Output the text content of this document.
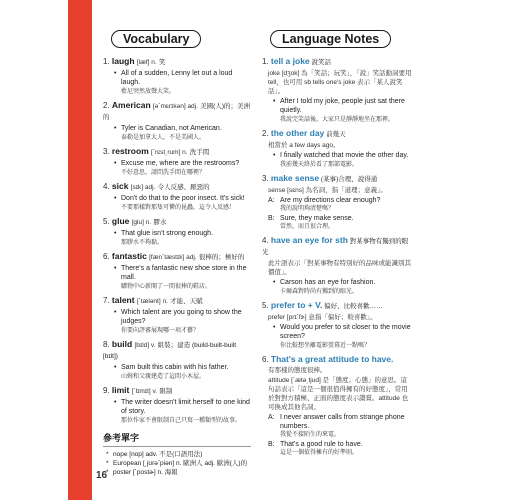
Vocabulary
1. laugh [læf] n. 笑
• All of a sudden, Lenny let out a loud laugh.
藍尼突然放聲大笑。
2. American [əˋmɛrɪkən] adj. 美國(人)的；美洲的
• Tyler is Canadian, not American.
泰勒是加拿大人，不是美國人。
3. restroom [ˋrɛst͵rum] n. 洗手間
• Excuse me, where are the restrooms?
不好意思，請問洗手間在哪裡？
4. sick [sɪk] adj. 令人反感、厭惡的
• Don't do that to the poor insect. It's sick!
不要那樣對那隻可憐的昆蟲，這令人反感！
5. glue [glu] n. 膠水
• That glue isn't strong enough.
那膠水不夠黏。
6. fantastic [fænˋtæstɪk] adj. 很棒的；極好的
• There's a fantastic new shoe store in the mall.
購物中心新開了一間很棒的鞋店。
7. talent [ˋtælənt] n. 才能、天賦
• Which talent are you going to show the judges?
你要向評審展現哪一項才藝？
8. build [bɪld] v. 組裝；建造 (build-built-built [bɪlt])
• Sam built this cabin with his father.
山姆和父親建造了這間小木屋。
9. limit [ˋlɪmɪt] v. 限制
• The writer doesn't limit herself to one kind of story.
那位作家不會限制自己只寫一種類型的故事。
參考單字
* nope [nop] adv. 不是(口語用法)
* European [͵jʊrəˋpiən] n. 歐洲人 adj. 歐洲(人)的
* poster [ˋpostɚ] n. 海報
Language Notes
1. tell a joke 說笑話
joke [dʒok] 為「笑話；玩笑」，「說」笑話動詞要用 tell，也可用 sb tells one's joke 表示「某人說笑話」。
• After I told my joke, people just sat there quietly.
我說完笑話後，大家只是靜靜地坐在那裡。
2. the other day 前幾天
相當於 a few days ago。
• I finally watched that movie the other day.
我前幾天終於看了那部電影。
3. make sense (某事)合理、說得通
sense [sɛns] 為名詞，指「道理；意義」。
A: Are my directions clear enough?
我的說明夠清楚嗎？
B: Sure, they make sense.
當然，而且很合理。
4. have an eye for sth 對某事物有獨到的眼光
此片語表示「對某事物有特別好的品味或能識別其價值」。
• Carson has an eye for fashion.
卡爾森對時尚有獨到的眼光。
5. prefer to + V. 偏好、比較喜歡……
prefer [prɪˋfɝ] 意指「偏好；較喜歡」。
• Would you prefer to sit closer to the movie screen?
你比較想坐離電影螢幕近一點嗎？
6. That's a great attitude to have.
有那樣的態度很棒。
attitude [ˋætə͵tjud] 是「態度；心態」的意思。這句話表示「這是一個很值得擁有的好態度」，常用於對對方積極、正面的態度表示讚賞。attitude 也可換成其他名詞。
A: I never answer calls from strange phone numbers.
我從不接陌生的來電。
B: That's a good rule to have.
這是一個值得擁有的好準則。
16
